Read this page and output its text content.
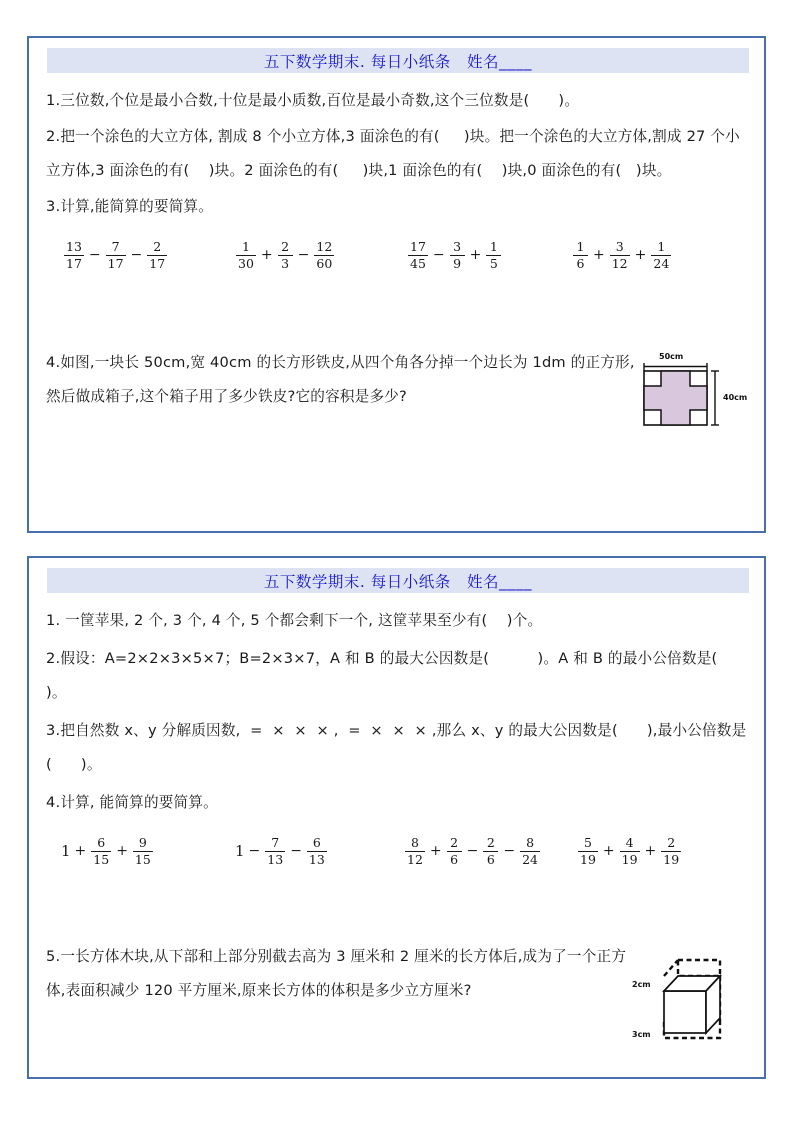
五下数学期末. 每日小纸条   姓名____
1.三位数,个位是最小合数,十位是最小质数,百位是最小奇数,这个三位数是(      )。
2.把一个涂色的大立方体, 割成 8 个小立方体,3 面涂色的有(     )块。把一个涂色的大立方体,割成 27 个小立方体,3 面涂色的有(    )块。2 面涂色的有(     )块,1 面涂色的有(    )块,0 面涂色的有(   )块。
3.计算,能简算的要简算。
$\frac{13}{17} - \frac{7}{17} - \frac{2}{17}$	$\frac{1}{30} + \frac{2}{3} - \frac{12}{60}$	$\frac{17}{45} - \frac{3}{9} + \frac{1}{5}$	$\frac{1}{6} + \frac{3}{12} + \frac{1}{24}$
4.如图,一块长 50cm,宽 40cm 的长方形铁皮,从四个角各分掉一个边长为 1dm 的正方形,然后做成箱子,这个箱子用了多少铁皮?它的容积是多少?
50cm
40cm
五下数学期末. 每日小纸条   姓名____
1. 一筐苹果, 2 个, 3 个, 4 个, 5 个都会剩下一个, 这筐苹果至少有(    )个。
2.假设：A=2×2×3×5×7；B=2×3×7，A 和 B 的最大公因数是(          )。A 和 B 的最小公倍数是(           )。
3.把自然数 x、y 分解质因数,  =  ×  ×  × ,  =  ×  ×  × ,那么 x、y 的最大公因数是(      ),最小公倍数是(      )。
4.计算, 能简算的要简算。
$1 + \frac{6}{15} + \frac{9}{15}$	$1 - \frac{7}{13} - \frac{6}{13}$	$\frac{8}{12} + \frac{2}{6} - \frac{2}{6} - \frac{8}{24}$	$\frac{5}{19} + \frac{4}{19} + \frac{2}{19}$
5.一长方体木块,从下部和上部分别截去高为 3 厘米和 2 厘米的长方体后,成为了一个正方体,表面积减少 120 平方厘米,原来长方体的体积是多少立方厘米?	2cm
3cm
